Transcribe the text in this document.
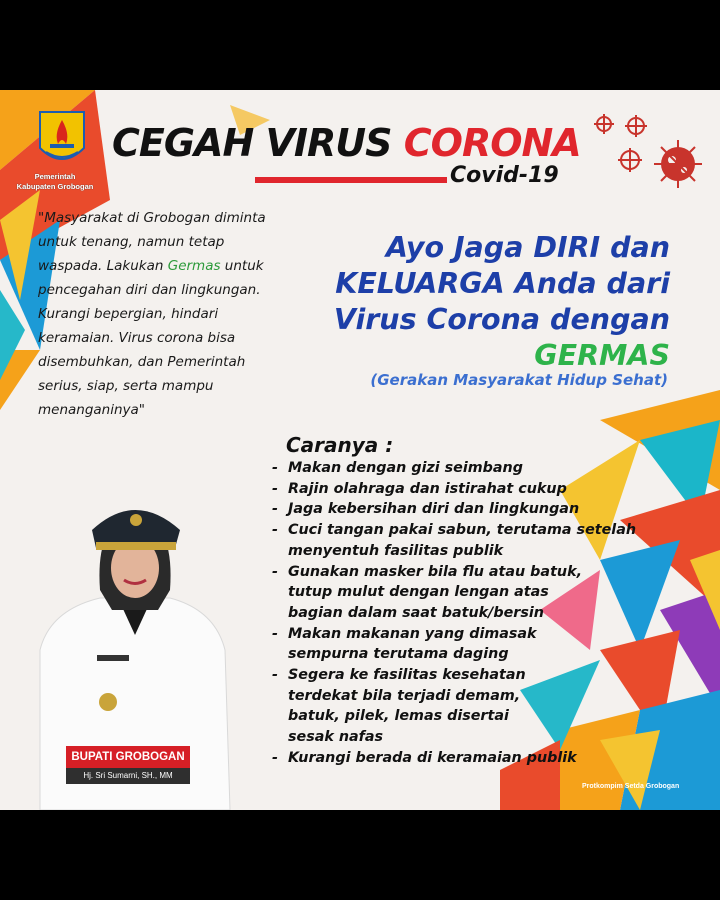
Pemerintah
Kabupaten Grobogan
CEGAH VIRUS CORONA
Covid-19
"Masyarakat di Grobogan diminta untuk tenang, namun tetap waspada. Lakukan Germas untuk pencegahan diri dan lingkungan. Kurangi bepergian, hindari keramaian. Virus corona bisa disembuhkan, dan Pemerintah serius, siap, serta mampu menanganinya"
Ayo Jaga DIRI dan KELUARGA Anda dari Virus Corona dengan GERMAS
(Gerakan Masyarakat Hidup Sehat)
Caranya :
- Makan dengan gizi seimbang
- Rajin olahraga dan istirahat cukup
- Jaga kebersihan diri dan lingkungan
- Cuci tangan pakai sabun, terutama setelah
menyentuh fasilitas publik
- Gunakan masker bila flu atau batuk,
tutup mulut dengan lengan atas
bagian dalam saat batuk/bersin
- Makan makanan yang dimasak
sempurna terutama daging
- Segera ke fasilitas kesehatan
terdekat bila terjadi demam,
batuk, pilek, lemas disertai
sesak nafas
- Kurangi berada di keramaian publik
BUPATI GROBOGAN
Hj. Sri Sumarni, SH., MM
Protkompim Setda Grobogan
